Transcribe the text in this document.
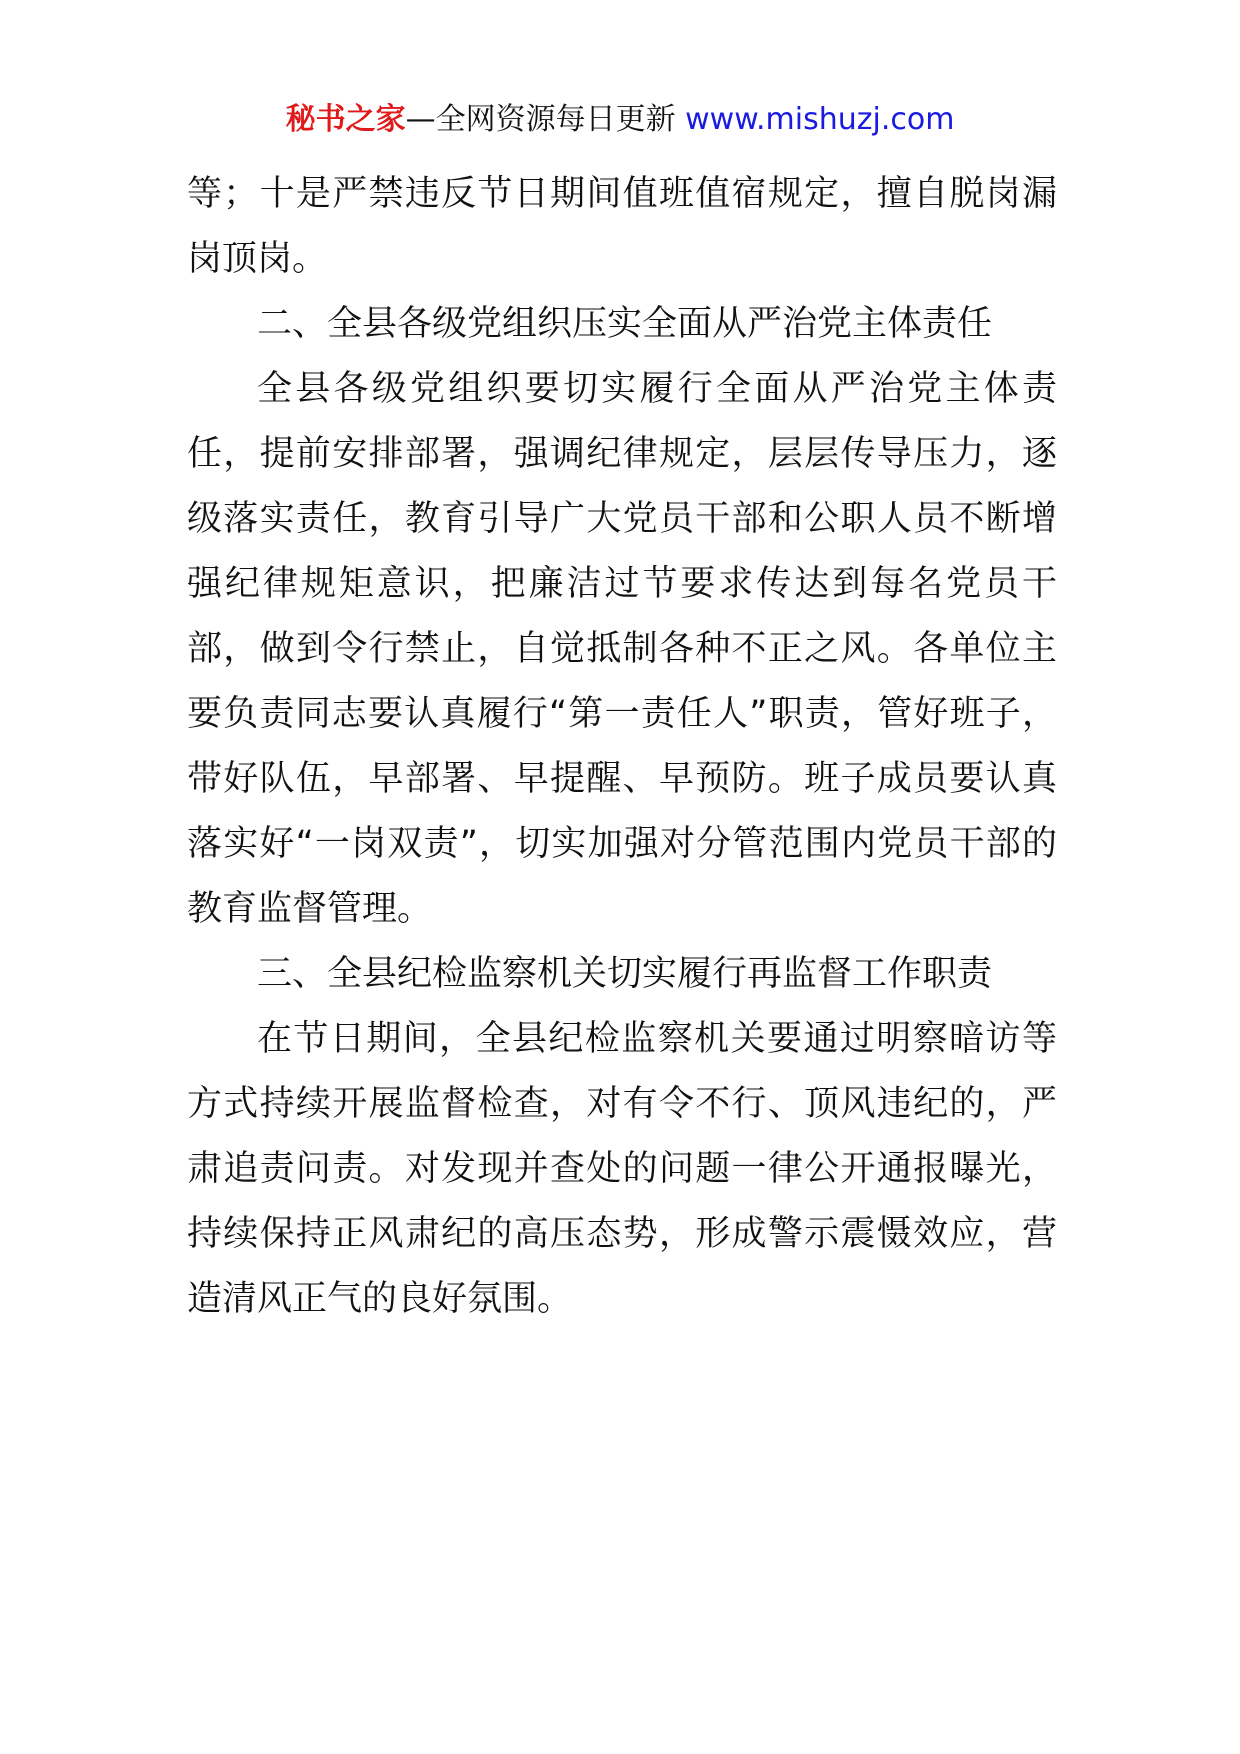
秘书之家—全网资源每日更新 www.mishuzj.com

等；十是严禁违反节日期间值班值宿规定，擅自脱岗漏岗顶岗。

二、全县各级党组织压实全面从严治党主体责任

全县各级党组织要切实履行全面从严治党主体责任，提前安排部署，强调纪律规定，层层传导压力，逐级落实责任，教育引导广大党员干部和公职人员不断增强纪律规矩意识，把廉洁过节要求传达到每名党员干部，做到令行禁止，自觉抵制各种不正之风。各单位主要负责同志要认真履行“第一责任人”职责，管好班子，带好队伍，早部署、早提醒、早预防。班子成员要认真落实好“一岗双责”，切实加强对分管范围内党员干部的教育监督管理。

三、全县纪检监察机关切实履行再监督工作职责

在节日期间，全县纪检监察机关要通过明察暗访等方式持续开展监督检查，对有令不行、顶风违纪的，严肃追责问责。对发现并查处的问题一律公开通报曝光，持续保持正风肃纪的高压态势，形成警示震慑效应，营造清风正气的良好氛围。
